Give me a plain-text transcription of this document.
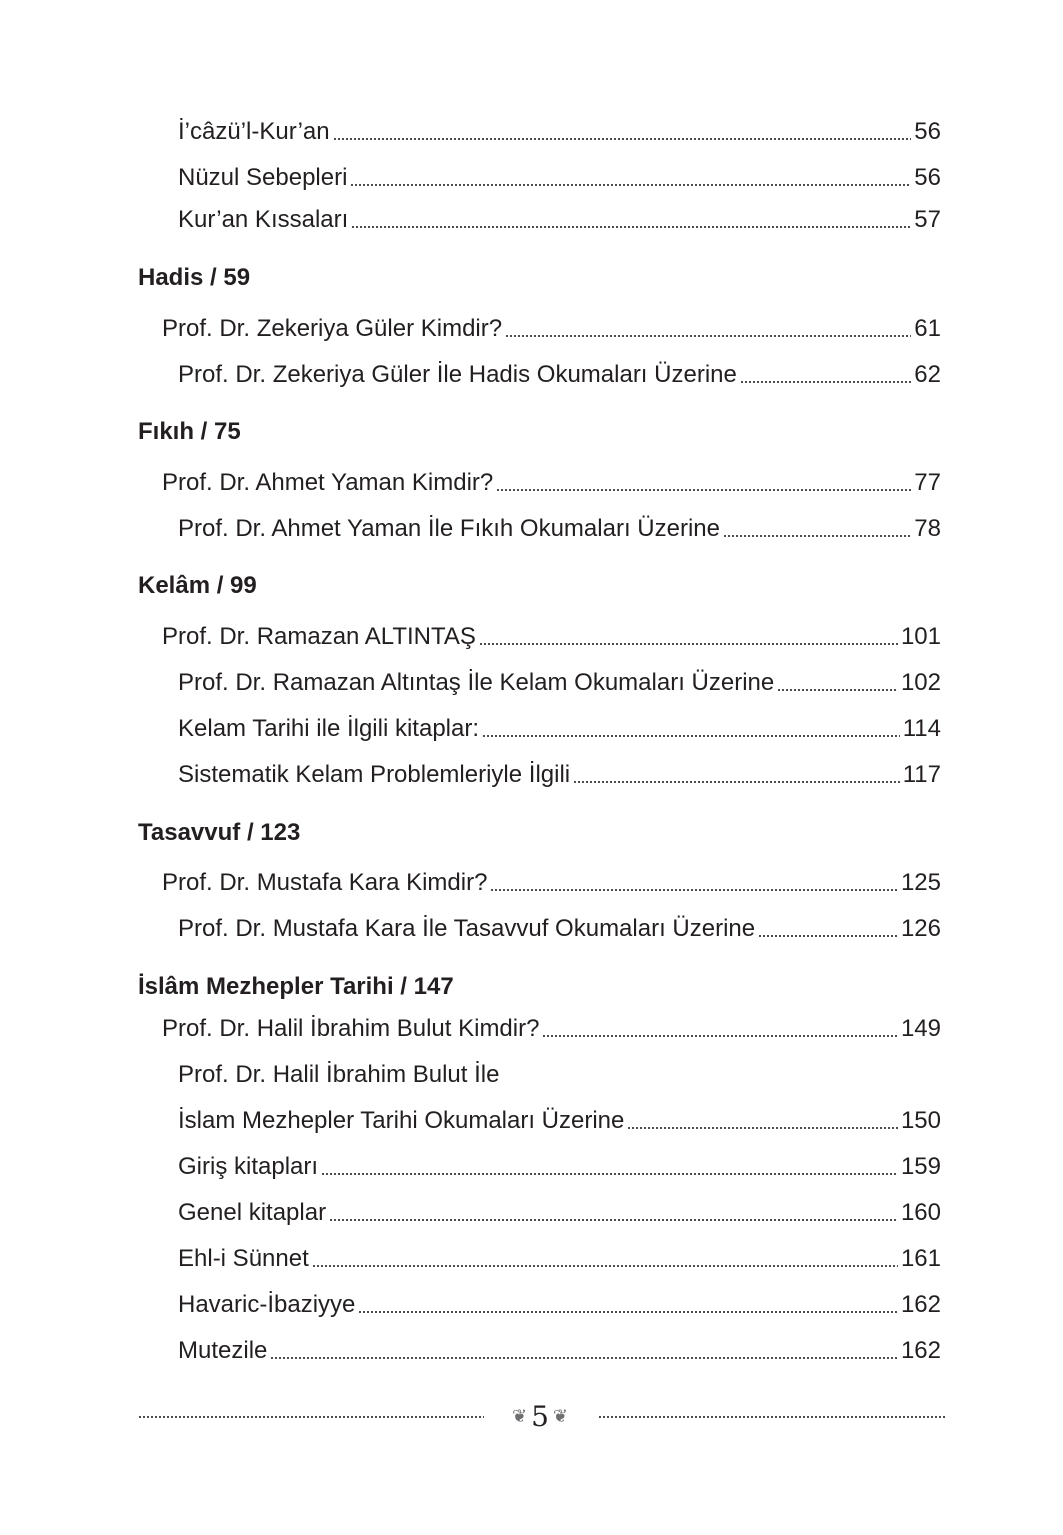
İ’câzü’l-Kur’an	56
Nüzul Sebepleri	56
Kur’an Kıssaları	57
Hadis / 59
Prof. Dr. Zekeriya Güler Kimdir?	61
Prof. Dr. Zekeriya Güler İle Hadis Okumaları Üzerine	62
Fıkıh / 75
Prof. Dr. Ahmet Yaman Kimdir?	77
Prof. Dr. Ahmet Yaman İle Fıkıh Okumaları Üzerine	78
Kelâm / 99
Prof. Dr. Ramazan ALTINTAŞ	101
Prof. Dr. Ramazan Altıntaş İle Kelam Okumaları Üzerine	102
Kelam Tarihi ile İlgili kitaplar:	114
Sistematik Kelam Problemleriyle İlgili	117
Tasavvuf / 123
Prof. Dr. Mustafa Kara Kimdir?	125
Prof. Dr. Mustafa Kara İle Tasavvuf Okumaları Üzerine	126
İslâm Mezhepler Tarihi / 147
Prof. Dr. Halil İbrahim Bulut Kimdir?	149
Prof. Dr. Halil İbrahim Bulut İle
İslam Mezhepler Tarihi Okumaları Üzerine	150
Giriş kitapları	159
Genel kitaplar	160
Ehl-i Sünnet	161
Havaric-İbaziyye	162
Mutezile	162
❦ 5 ❦
